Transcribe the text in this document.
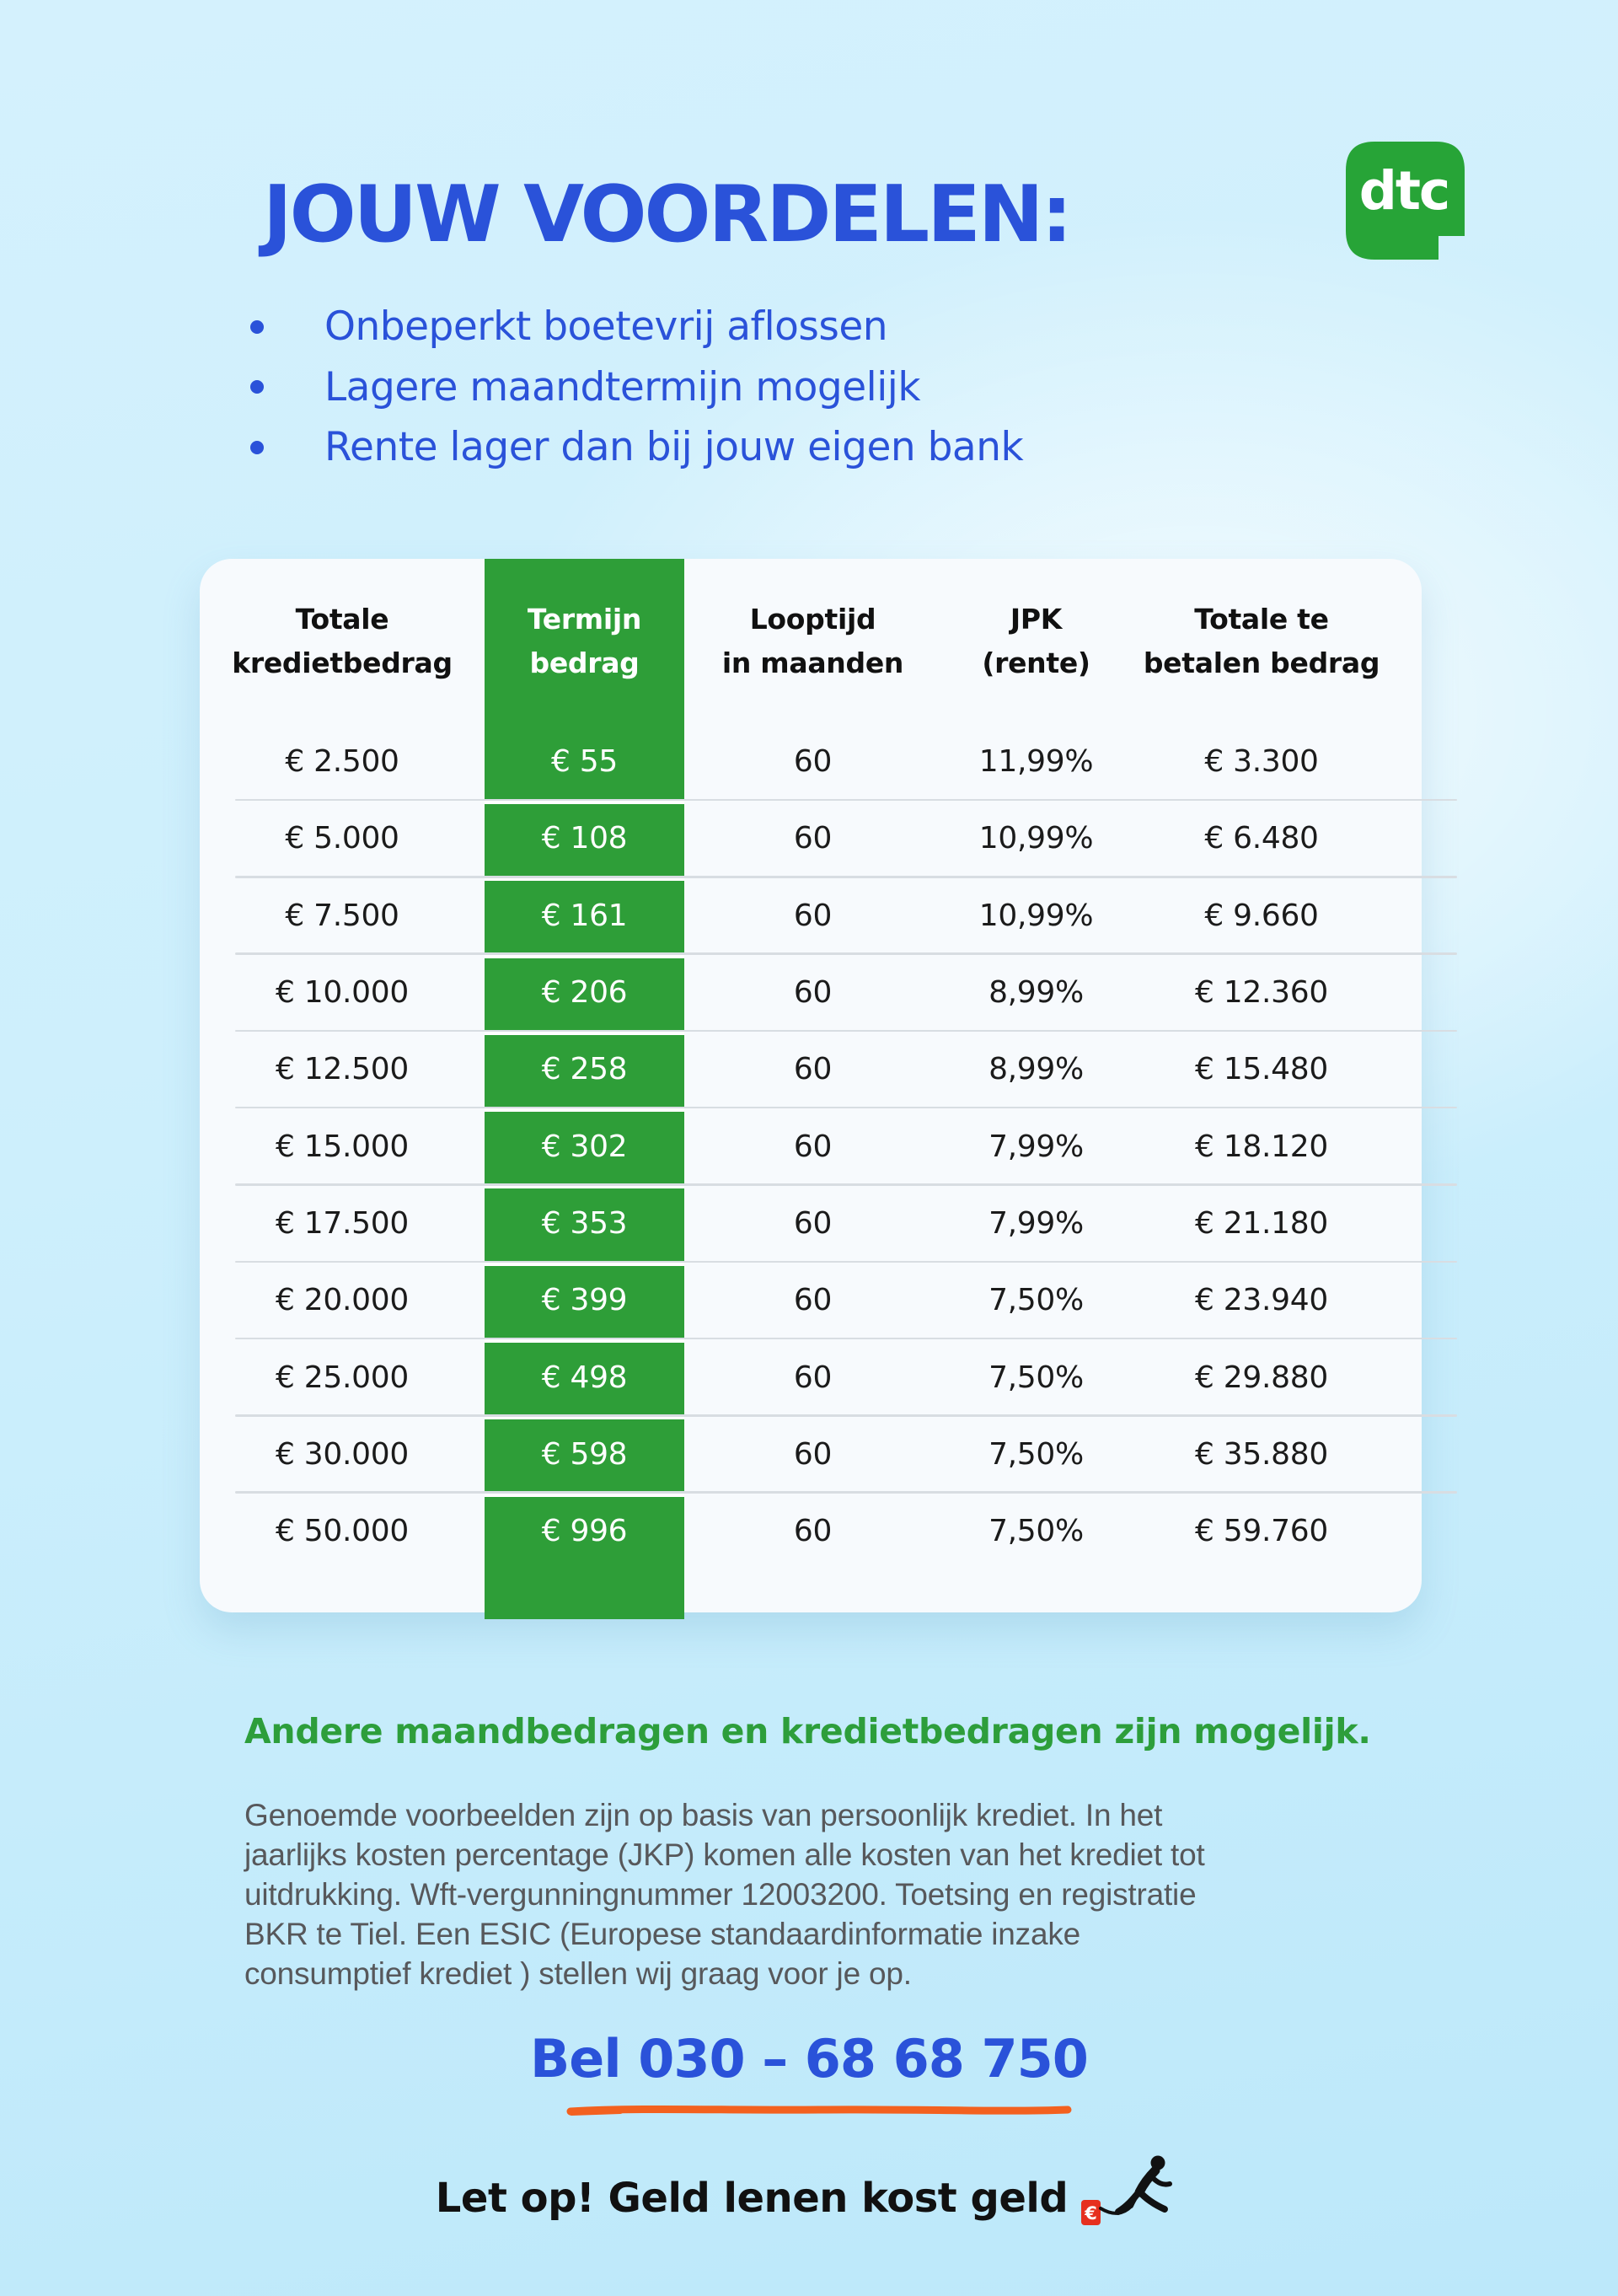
dtc
JOUW VOORDELEN:
Onbeperkt boetevrij aflossen
Lagere maandtermijn mogelijk
Rente lager dan bij jouw eigen bank
Totale
kredietbedrag
Termijn
bedrag
Looptijd
in maanden
JPK
(rente)
Totale te
betalen bedrag
€ 2.500	€ 55	60	11,99%	€ 3.300
€ 5.000	€ 108	60	10,99%	€ 6.480
€ 7.500	€ 161	60	10,99%	€ 9.660
€ 10.000	€ 206	60	8,99%	€ 12.360
€ 12.500	€ 258	60	8,99%	€ 15.480
€ 15.000	€ 302	60	7,99%	€ 18.120
€ 17.500	€ 353	60	7,99%	€ 21.180
€ 20.000	€ 399	60	7,50%	€ 23.940
€ 25.000	€ 498	60	7,50%	€ 29.880
€ 30.000	€ 598	60	7,50%	€ 35.880
€ 50.000	€ 996	60	7,50%	€ 59.760
Andere maandbedragen en kredietbedragen zijn mogelijk.
Genoemde voorbeelden zijn op basis van persoonlijk krediet. In het jaarlijks kosten percentage (JKP) komen alle kosten van het krediet tot uitdrukking. Wft-vergunningnummer 12003200. Toetsing en registratie BKR te Tiel. Een ESIC (Europese standaardinformatie inzake consumptief krediet ) stellen wij graag voor je op.
Bel 030 – 68 68 750
Let op! Geld lenen kost geld €
